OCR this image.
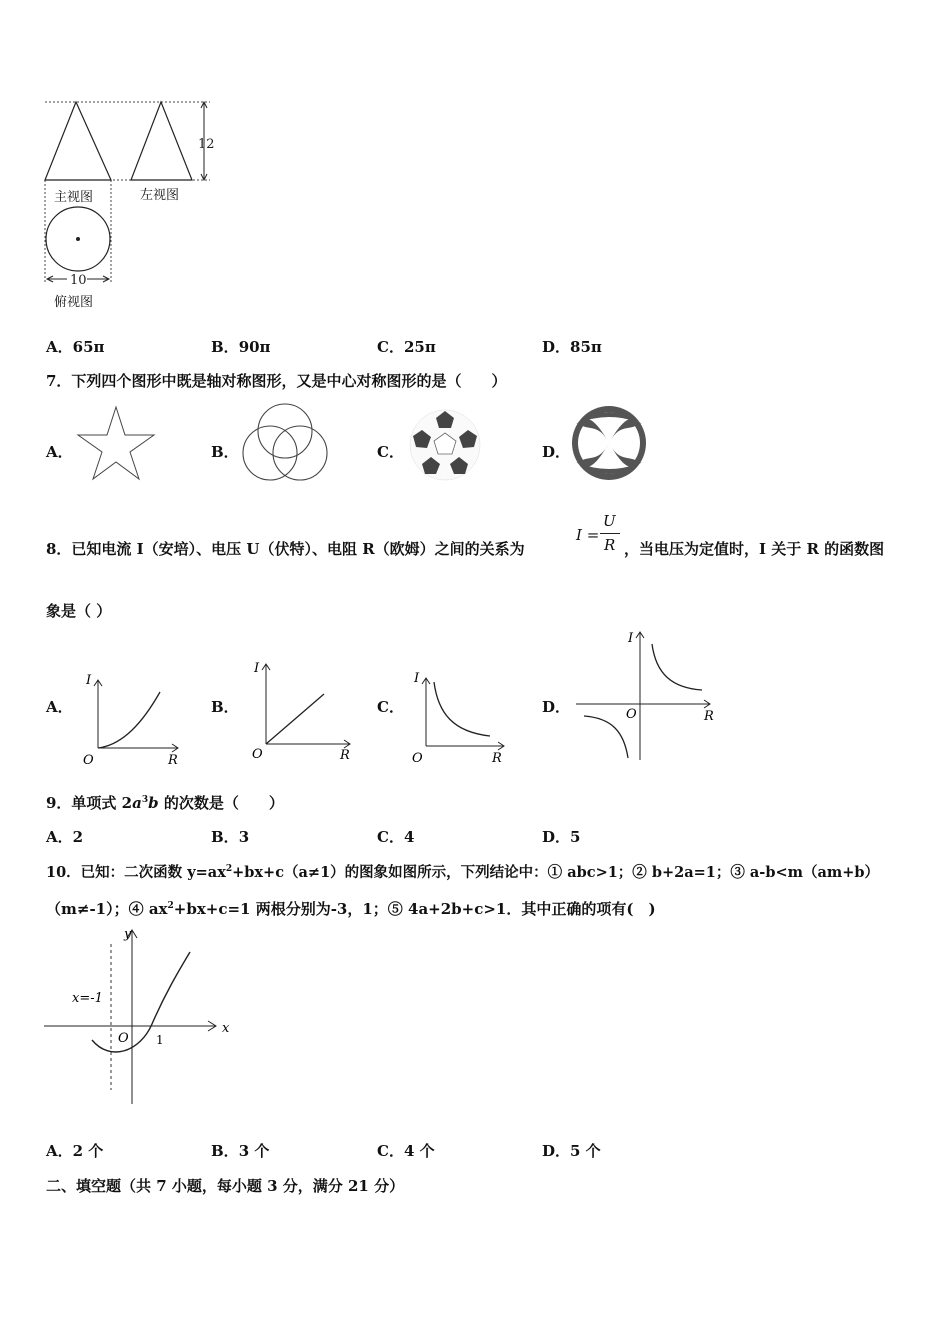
12
10
主视图	左视图
俯视图
A．65π	B．90π	C．25π	D．85π
7．下列四个图形中既是轴对称图形，又是中心对称图形的是（　　）
A．	B．	C．	D．
8．已知电流 I（安培）、电压 U（伏特）、电阻 R（欧姆）之间的关系为
I =
U
R ，当电压为定值时，I 关于 R 的函数图
象是（ ）
A．
I
R
O
B．
I
R
O
C．
I
R
O
D．
I
R
O
9．单项式 $2a^3b$ 的次数是（　　）
A．2	B．3	C．4	D．5
10．已知：二次函数 $y=ax^2+bx+c(a\ne 1)$的图象如图所示，下列结论中：① abc>1；② b+2a=1；③ a-b<m（am+b）
（m≠-1）；④ $ax^2+bx+c=1$ 两根分别为-3，1；⑤ 4a+2b+c>1．其中正确的项有(　)
y
x
O 1
x=-1
A．2 个	B．3 个	C．4 个	D．5 个
二、填空题（共 7 小题，每小题 3 分，满分 21 分）
